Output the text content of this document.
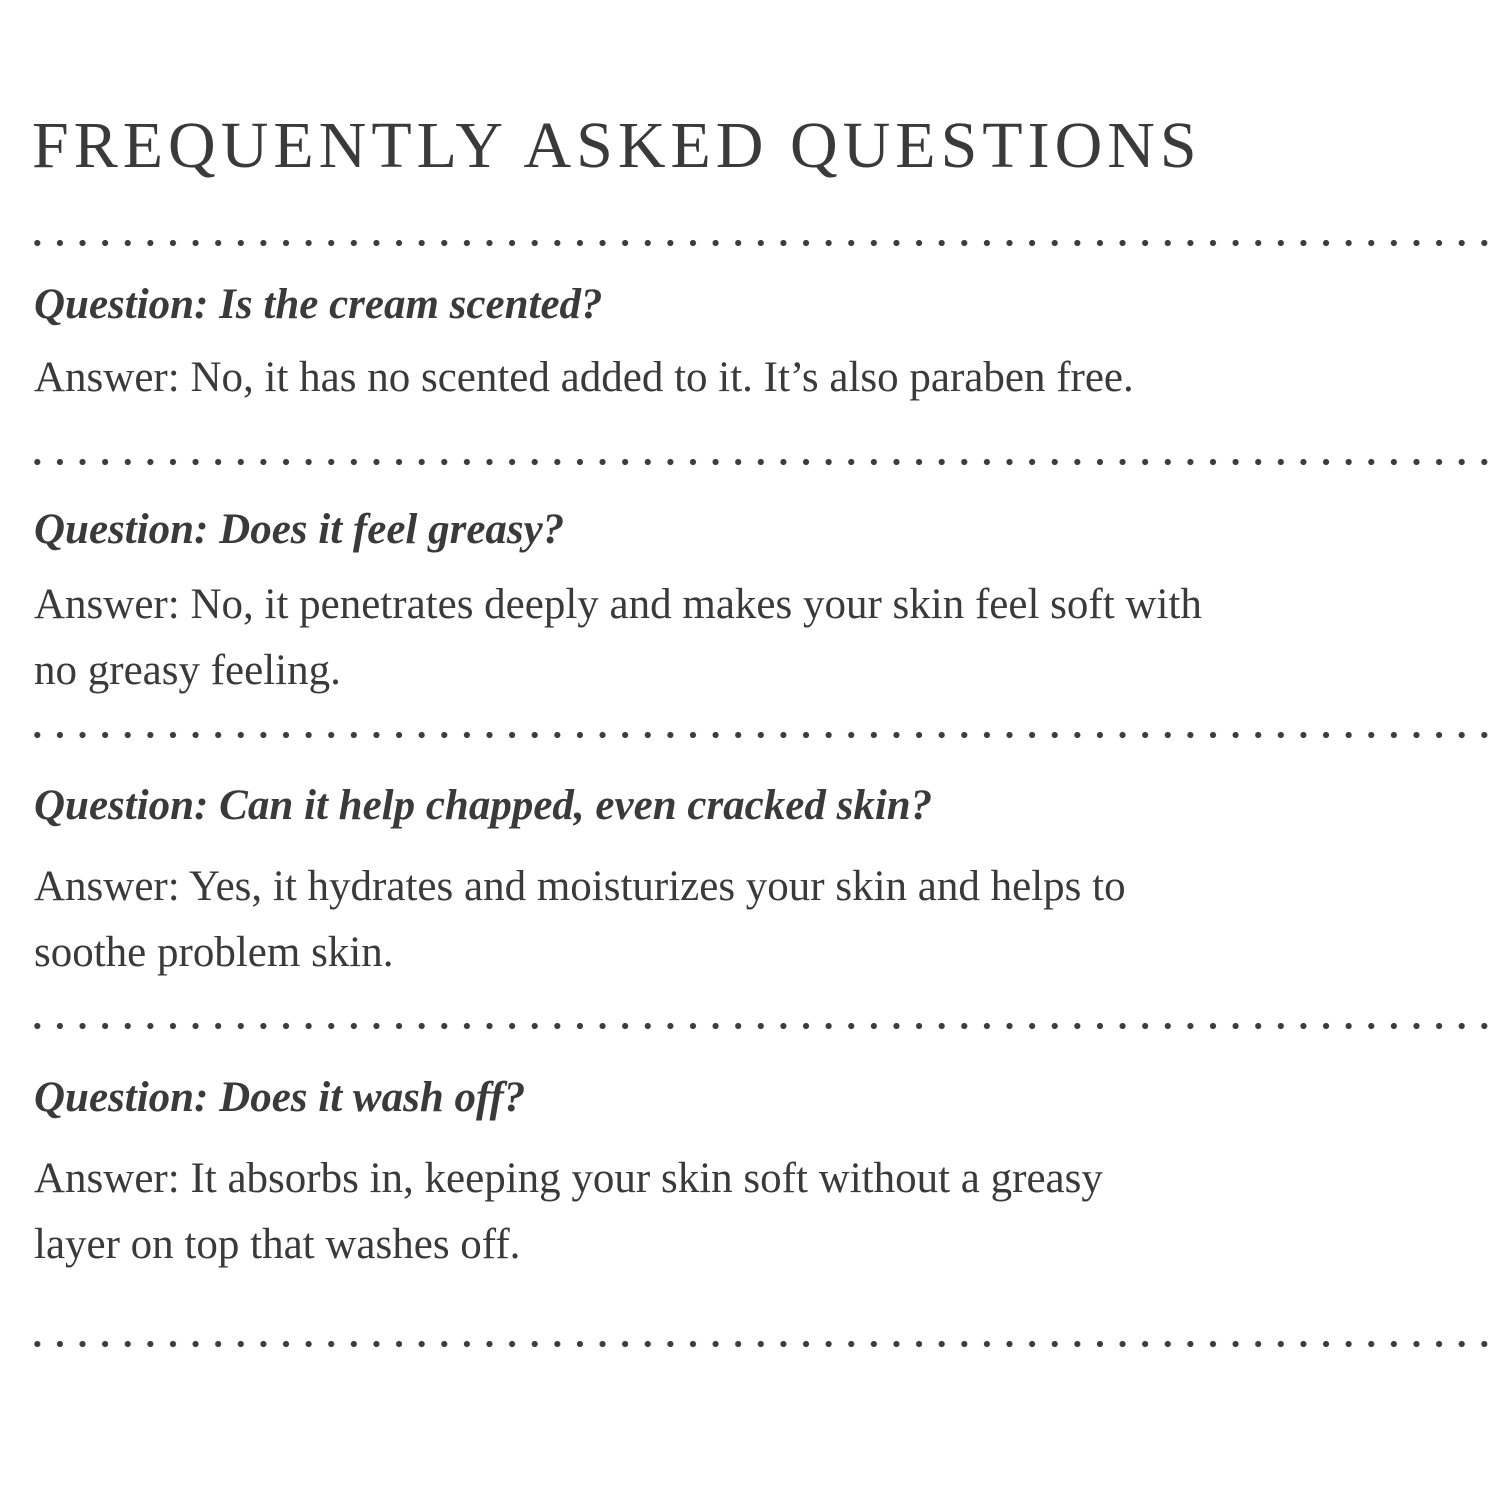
FREQUENTLY ASKED QUESTIONS

Question: Is the cream scented?

Answer: No, it has no scented added to it. It’s also paraben free.

Question: Does it feel greasy?

Answer: No, it penetrates deeply and makes your skin feel soft with
no greasy feeling.

Question: Can it help chapped, even cracked skin?

Answer: Yes, it hydrates and moisturizes your skin and helps to
soothe problem skin.

Question: Does it wash off?

Answer: It absorbs in, keeping your skin soft without a greasy
layer on top that washes off.
